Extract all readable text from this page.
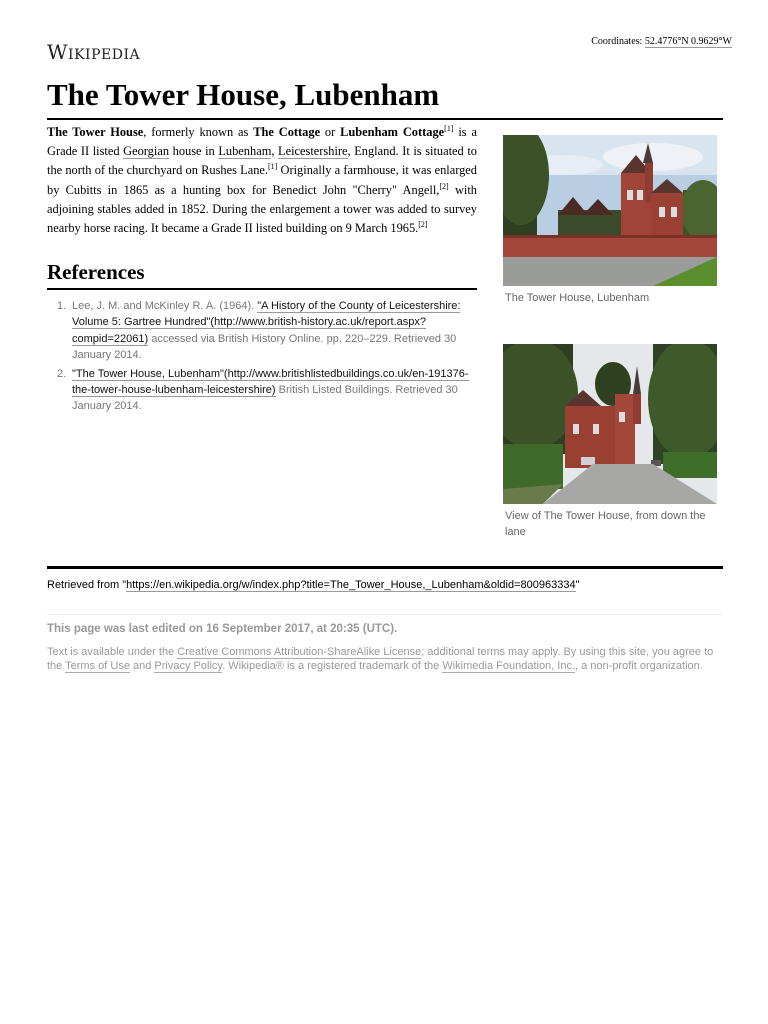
Wikipedia	Coordinates: 52.4776°N 0.9629°W
The Tower House, Lubenham
The Tower House, formerly known as The Cottage or Lubenham Cottage[1] is a Grade II listed Georgian house in Lubenham, Leicestershire, England. It is situated to the north of the churchyard on Rushes Lane.[1] Originally a farmhouse, it was enlarged by Cubitts in 1865 as a hunting box for Benedict John "Cherry" Angell,[2] with adjoining stables added in 1852. During the enlargement a tower was added to survey nearby horse racing. It became a Grade II listed building on 9 March 1965.[2]
References
1. Lee, J. M. and McKinley R. A. (1964). "A History of the County of Leicestershire: Volume 5: Gartree Hundred"(http://www.british-history.ac.uk/report.aspx?compid=22061) accessed via British History Online. pp. 220–229. Retrieved 30 January 2014.
2. "The Tower House, Lubenham"(http://www.britishlistedbuildings.co.uk/en-191376-the-tower-house-lubenham-leicestershire) British Listed Buildings. Retrieved 30 January 2014.
The Tower House, Lubenham
View of The Tower House, from down the lane
Retrieved from "https://en.wikipedia.org/w/index.php?title=The_Tower_House,_Lubenham&oldid=800963334"
This page was last edited on 16 September 2017, at 20:35 (UTC).
Text is available under the Creative Commons Attribution-ShareAlike License; additional terms may apply. By using this site, you agree to the Terms of Use and Privacy Policy. Wikipedia® is a registered trademark of the Wikimedia Foundation, Inc., a non-profit organization.
